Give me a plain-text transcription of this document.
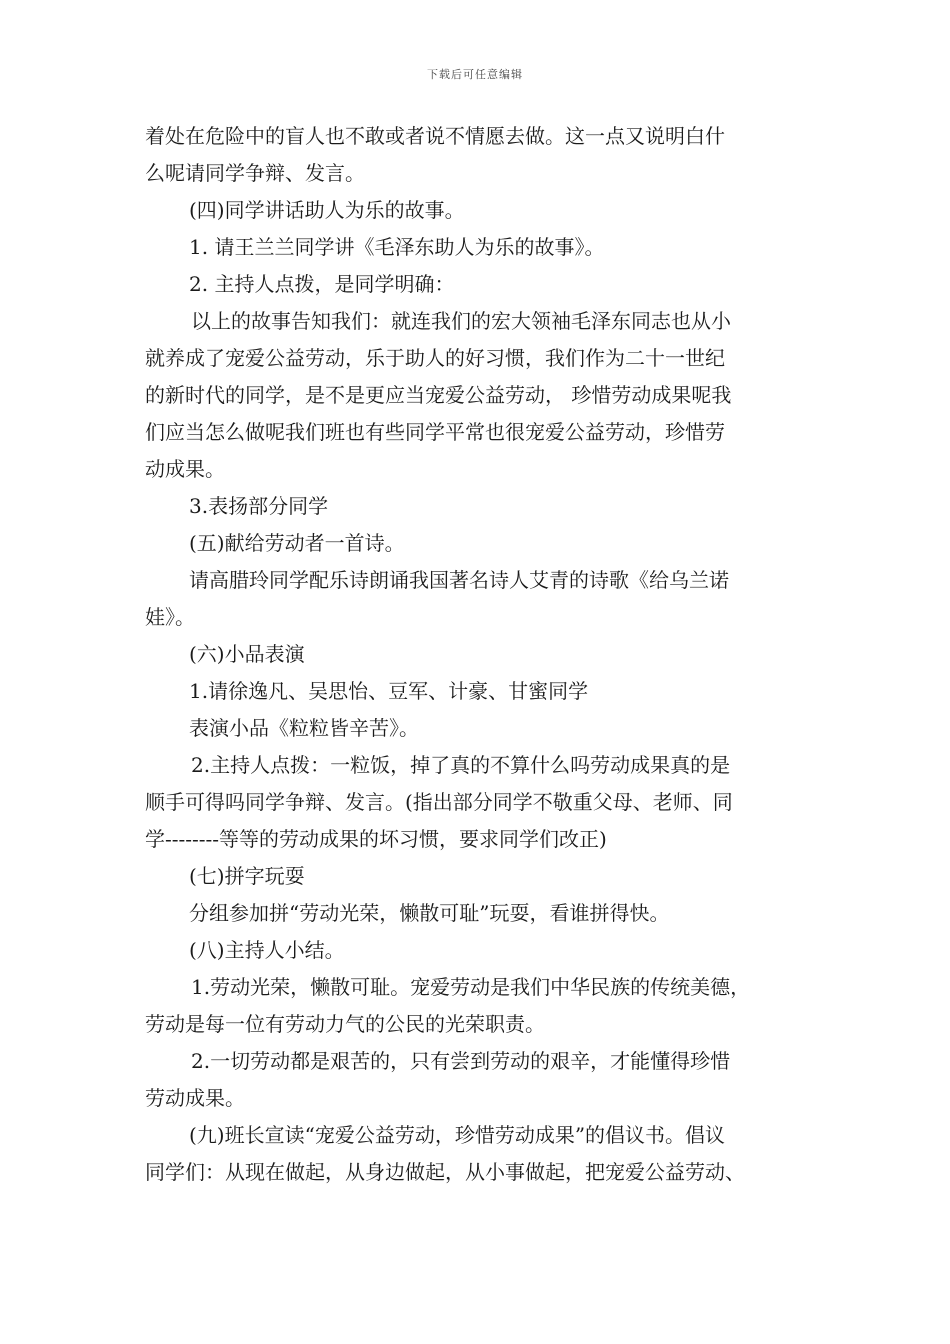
下载后可任意编辑
着处在危险中的盲人也不敢或者说不情愿去做。这一点又说明白什
么呢请同学争辩、发言。
(四)同学讲话助人为乐的故事。
1. 请王兰兰同学讲《毛泽东助人为乐的故事》。
2. 主持人点拨，是同学明确：
以上的故事告知我们：就连我们的宏大领袖毛泽东同志也从小
就养成了宠爱公益劳动，乐于助人的好习惯，我们作为二十一世纪
的新时代的同学，是不是更应当宠爱公益劳动， 珍惜劳动成果呢我
们应当怎么做呢我们班也有些同学平常也很宠爱公益劳动，珍惜劳
动成果。
3.表扬部分同学
(五)献给劳动者一首诗。
请高腊玲同学配乐诗朗诵我国著名诗人艾青的诗歌《给乌兰诺
娃》。
(六)小品表演
1.请徐逸凡、吴思怡、豆军、计豪、甘蜜同学
表演小品《粒粒皆辛苦》。
2.主持人点拨：一粒饭，掉了真的不算什么吗劳动成果真的是
顺手可得吗同学争辩、发言。(指出部分同学不敬重父母、老师、同
学--------等等的劳动成果的坏习惯，要求同学们改正)
(七)拼字玩耍
分组参加拼“劳动光荣，懒散可耻”玩耍，看谁拼得快。
(八)主持人小结。
1.劳动光荣，懒散可耻。宠爱劳动是我们中华民族的传统美德，
劳动是每一位有劳动力气的公民的光荣职责。
2.一切劳动都是艰苦的，只有尝到劳动的艰辛，才能懂得珍惜
劳动成果。
(九)班长宣读“宠爱公益劳动，珍惜劳动成果”的倡议书。倡议
同学们：从现在做起，从身边做起，从小事做起，把宠爱公益劳动、
